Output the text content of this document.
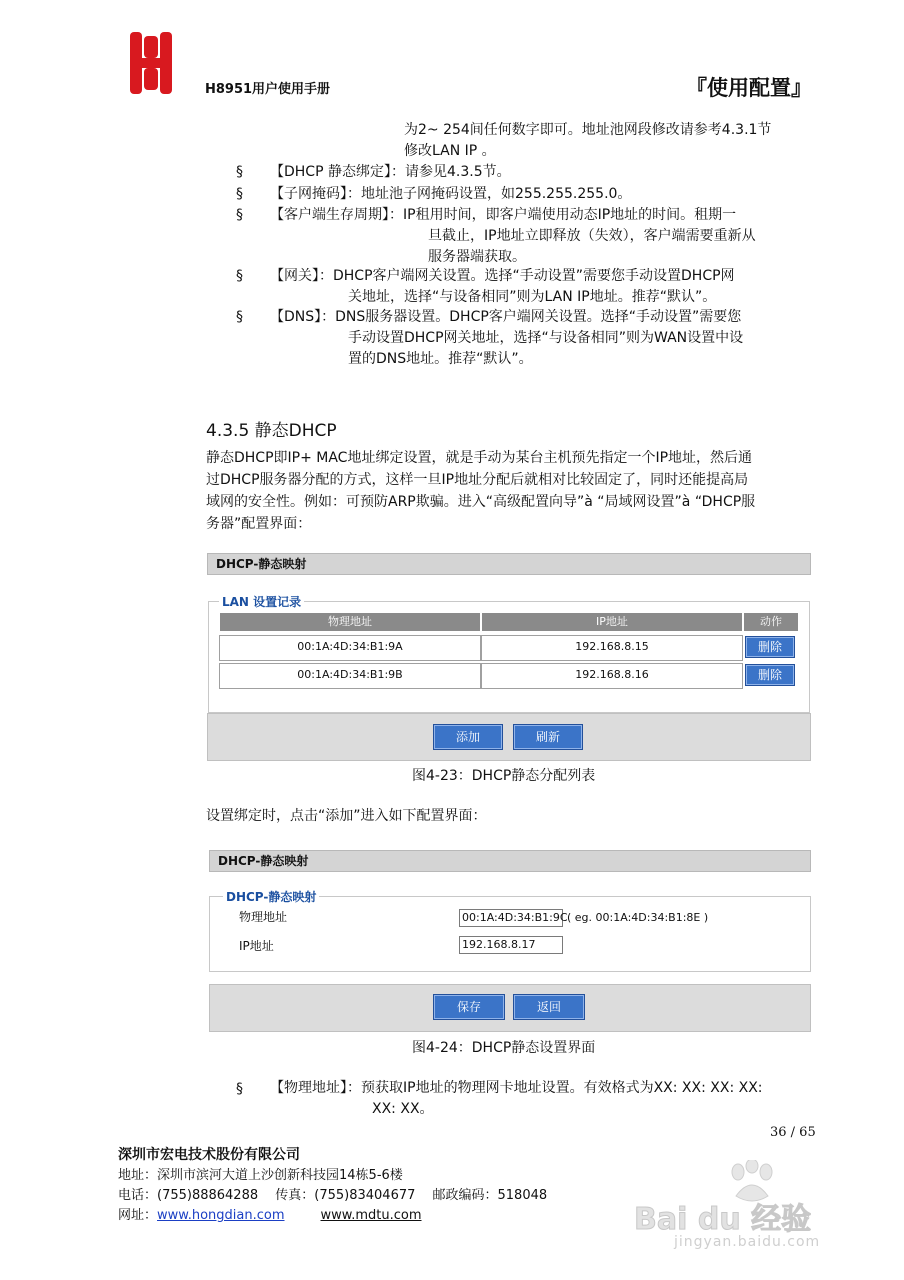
H8951用户使用手册	『使用配置』
为2~ 254间任何数字即可。地址池网段修改请参考4.3.1节
修改LAN IP 。
§ 【DHCP 静态绑定】：请参见4.3.5节。
§ 【子网掩码】：地址池子网掩码设置，如255.255.255.0。
§ 【客户端生存周期】：IP租用时间，即客户端使用动态IP地址的时间。租期一
旦截止，IP地址立即释放（失效），客户端需要重新从
服务器端获取。
§ 【网关】：DHCP客户端网关设置。选择“手动设置”需要您手动设置DHCP网
关地址，选择“与设备相同”则为LAN IP地址。推荐“默认”。
§ 【DNS】：DNS服务器设置。DHCP客户端网关设置。选择“手动设置”需要您
手动设置DHCP网关地址，选择“与设备相同”则为WAN设置中设
置的DNS地址。推荐“默认”。
4.3.5 静态DHCP
静态DHCP即IP+ MAC地址绑定设置，就是手动为某台主机预先指定一个IP地址，然后通
过DHCP服务器分配的方式，这样一旦IP地址分配后就相对比较固定了，同时还能提高局
域网的安全性。例如：可预防ARP欺骗。进入“高级配置向导”à “局域网设置”à “DHCP服
务器”配置界面：
DHCP-静态映射
LAN 设置记录
物理地址	IP地址	动作
00:1A:4D:34:B1:9A	192.168.8.15	删除
00:1A:4D:34:B1:9B	192.168.8.16	删除
添加	刷新
图4-23：DHCP静态分配列表
设置绑定时，点击“添加”进入如下配置界面：
DHCP-静态映射
DHCP-静态映射
物理地址	00:1A:4D:34:B1:9C ( eg. 00:1A:4D:34:B1:8E )
IP地址	192.168.8.17
保存	返回
图4-24：DHCP静态设置界面
§ 【物理地址】：预获取IP地址的物理网卡地址设置。有效格式为XX: XX: XX: XX:
XX: XX。
36 / 65
深圳市宏电技术股份有限公司
地址：深圳市滨河大道上沙创新科技园14栋5-6楼
电话：(755)88864288　 传真：(755)83404677　 邮政编码：518048
网址：www.hongdian.com	www.mdtu.com	Bai du 经验
jingyan.baidu.com
